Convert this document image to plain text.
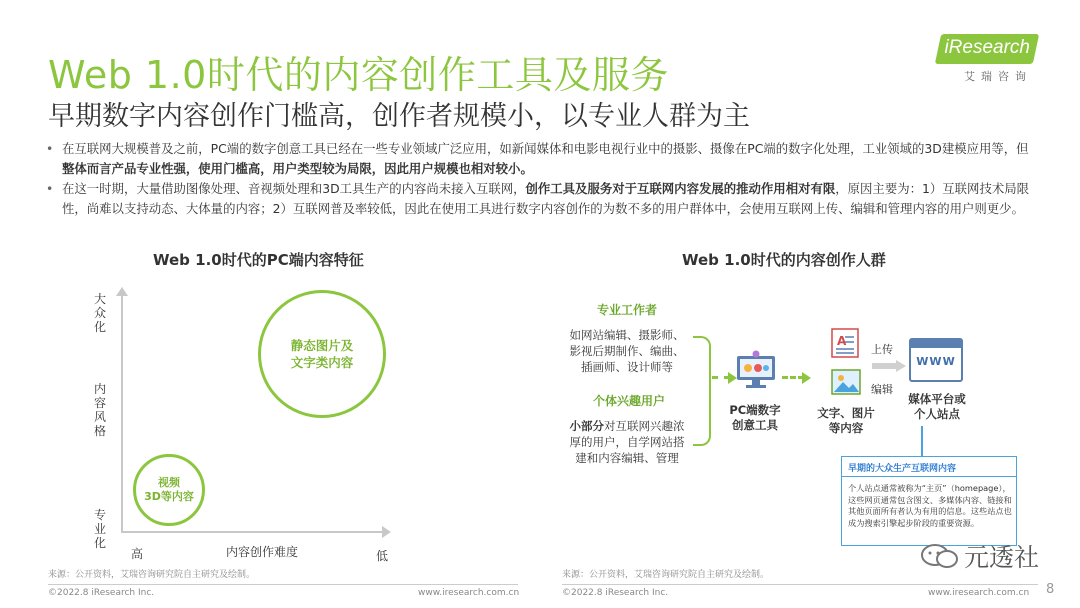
Web 1.0时代的内容创作工具及服务
早期数字内容创作门槛高，创作者规模小，以专业人群为主
iResearch
艾瑞咨询
• 在互联网大规模普及之前，PC端的数字创意工具已经在一些专业领域广泛应用，如新闻媒体和电影电视行业中的摄影、摄像在PC端的数字化处理，工业领域的3D建模应用等，但整体而言产品专业性强，使用门槛高，用户类型较为局限，因此用户规模也相对较小。
• 在这一时期，大量借助图像处理、音视频处理和3D工具生产的内容尚未接入互联网，创作工具及服务对于互联网内容发展的推动作用相对有限，原因主要为：1）互联网技术局限性，尚难以支持动态、大体量的内容；2）互联网普及率较低，因此在使用工具进行数字内容创作的为数不多的用户群体中，会使用互联网上传、编辑和管理内容的用户则更少。
Web 1.0时代的PC端内容特征
大众化
内容风格
专业化
高	内容创作难度	低
静态图片及
文字类内容
视频
3D等内容
来源：公开资料，艾瑞咨询研究院自主研究及绘制。
Web 1.0时代的内容创作人群
专业工作者
如网站编辑、摄影师、
影视后期制作、编曲、
插画师、设计师等
个体兴趣用户
小部分对互联网兴趣浓
厚的用户，自学网站搭
建和内容编辑、管理
PC端数字
创意工具
A
文字、图片
等内容
上传
编辑
WWW
媒体平台或
个人站点
早期的大众生产互联网内容
个人站点通常被称为“主页”（homepage），这些网页通常包含图文、多媒体内容、链接和其他页面所有者认为有用的信息。这些站点也成为搜索引擎起步阶段的重要资源。
来源：公开资料，艾瑞咨询研究院自主研究及绘制。
©2022.8 iResearch Inc.	www.iresearch.com.cn	©2022.8 iResearch Inc.	www.iresearch.com.cn 8
元透社
